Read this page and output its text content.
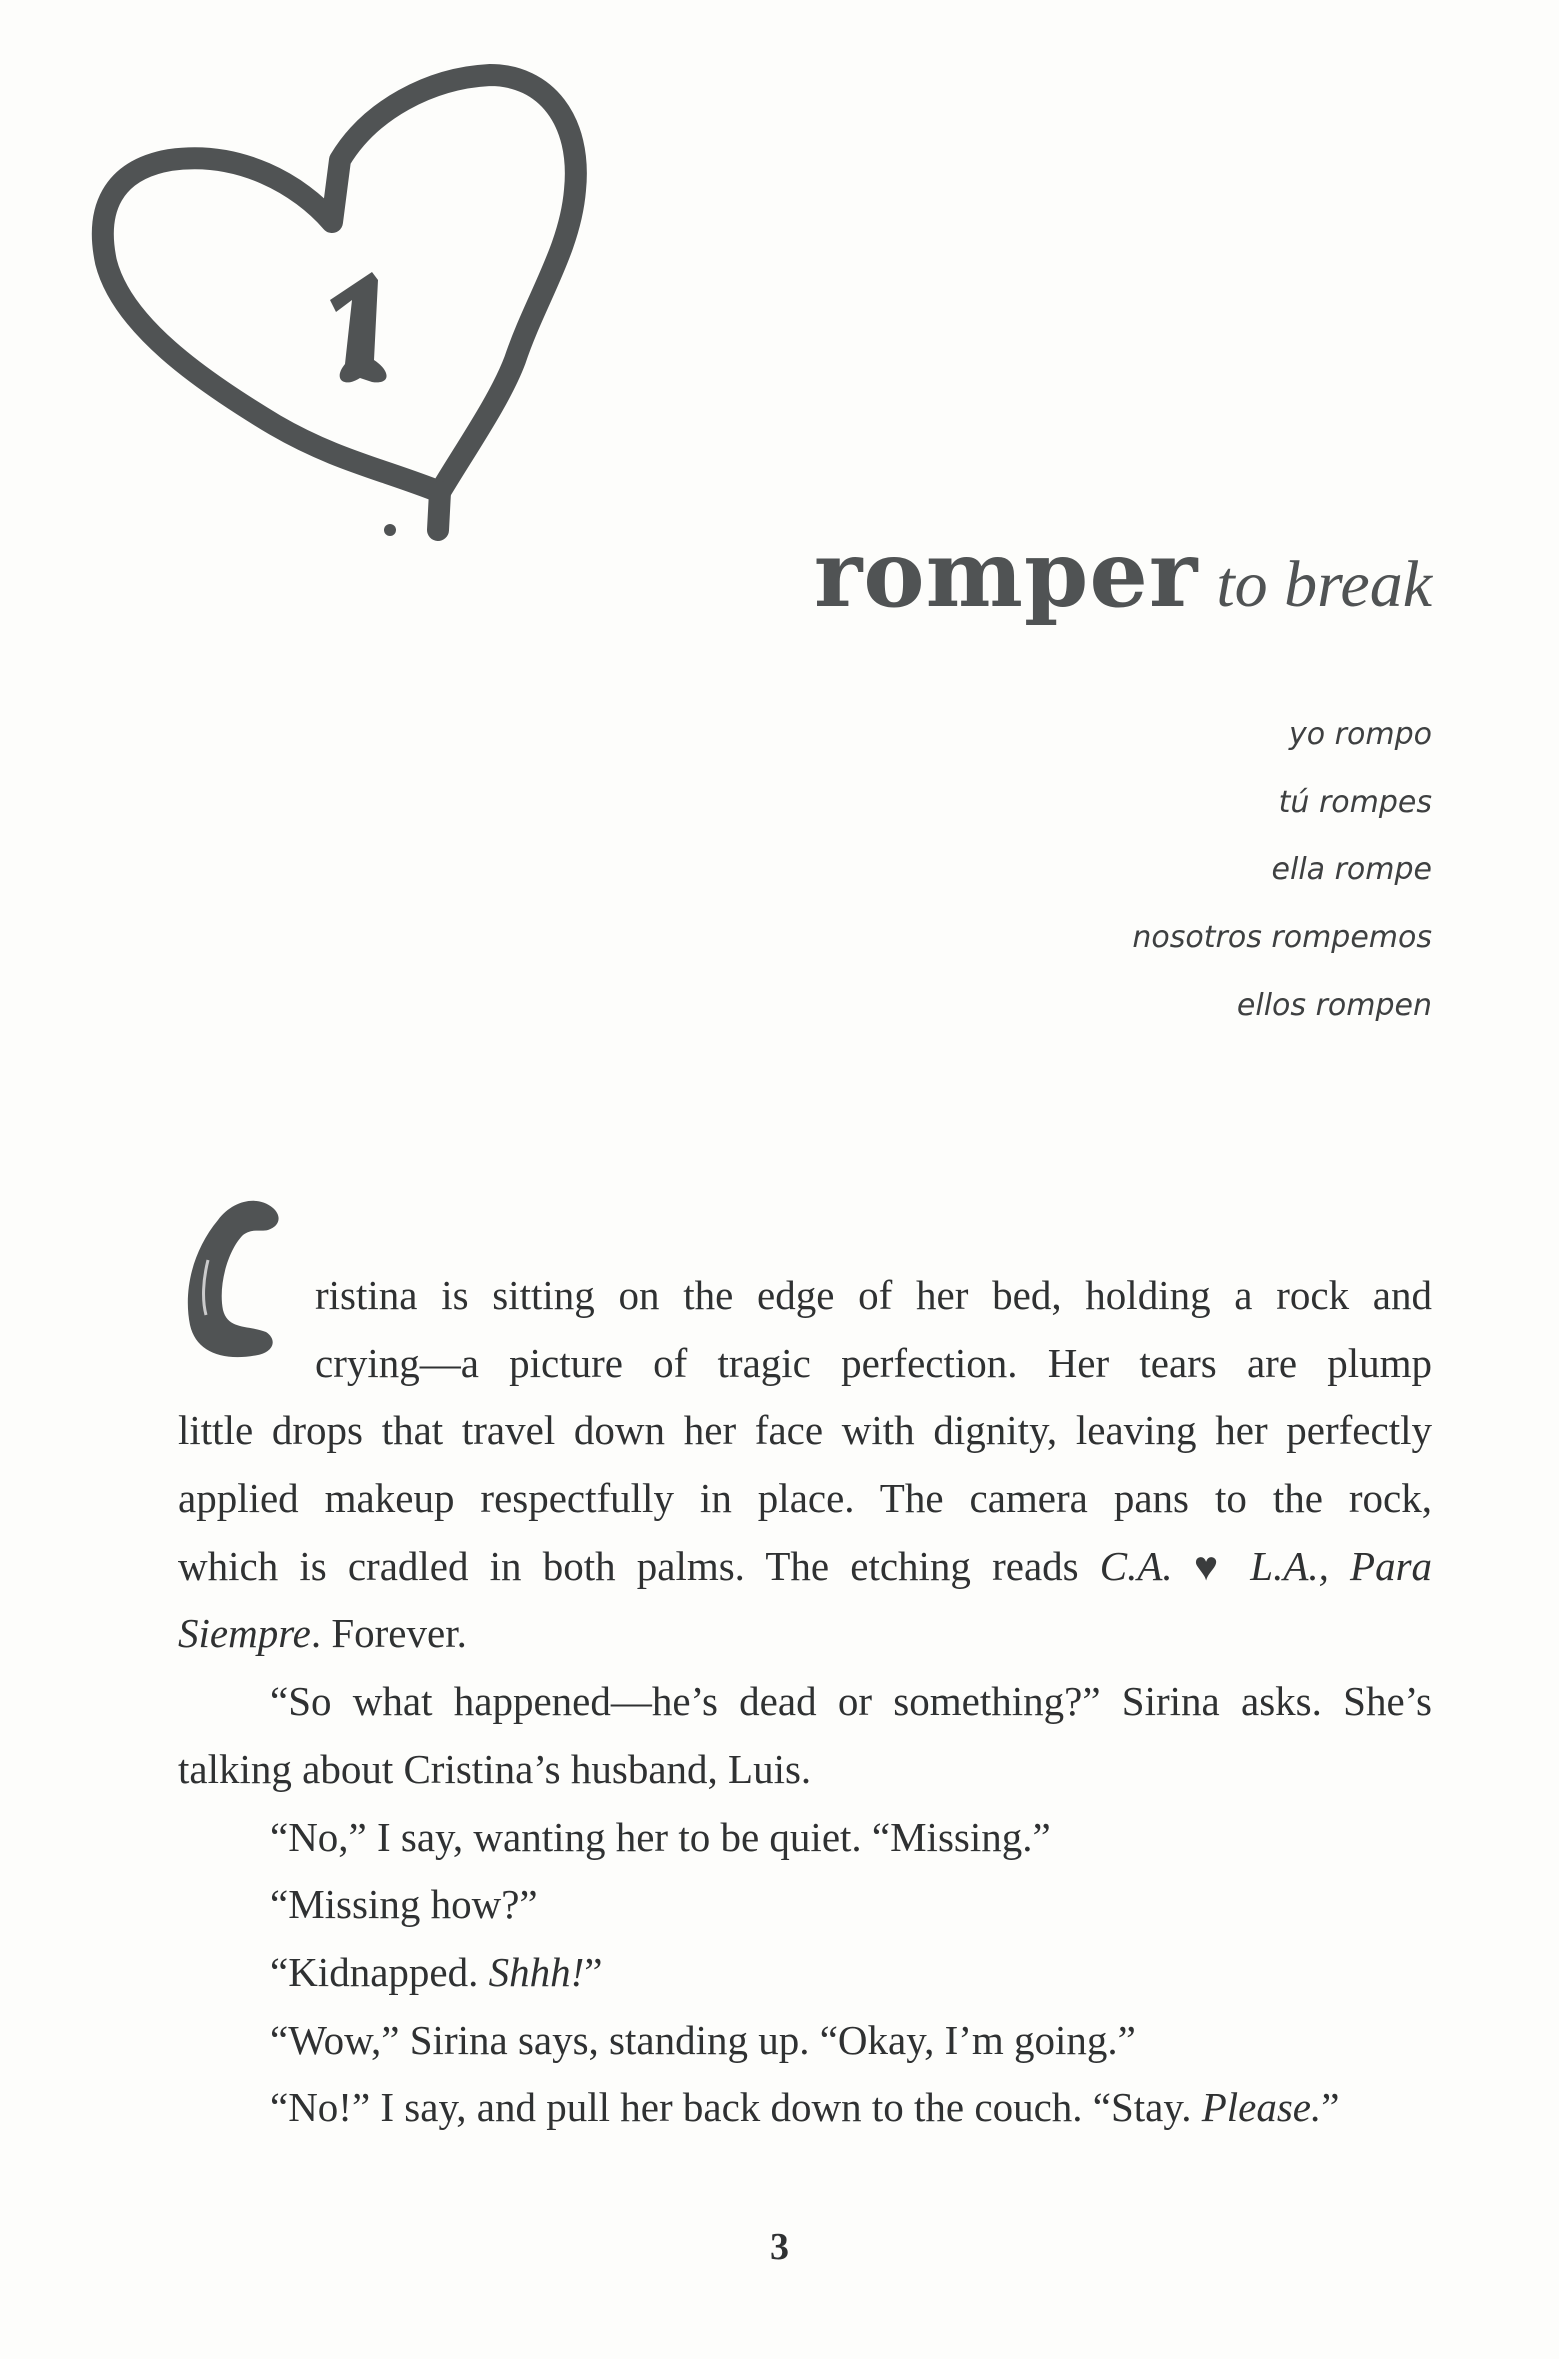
romper to break
yo rompo
tú rompes
ella rompe
nosotros rompemos
ellos rompen
ristina is sitting on the edge of her bed, holding a rock and
crying—a picture of tragic perfection. Her tears are plump
little drops that travel down her face with dignity, leaving her perfectly
applied makeup respectfully in place. The camera pans to the rock,
which is cradled in both palms. The etching reads C.A. ♥ L.A., Para
Siempre. Forever.
“So what happened—he’s dead or something?” Sirina asks. She’s
talking about Cristina’s husband, Luis.
“No,” I say, wanting her to be quiet. “Missing.”
“Missing how?”
“Kidnapped. Shhh!”
“Wow,” Sirina says, standing up. “Okay, I’m going.”
“No!” I say, and pull her back down to the couch. “Stay. Please.”
3
